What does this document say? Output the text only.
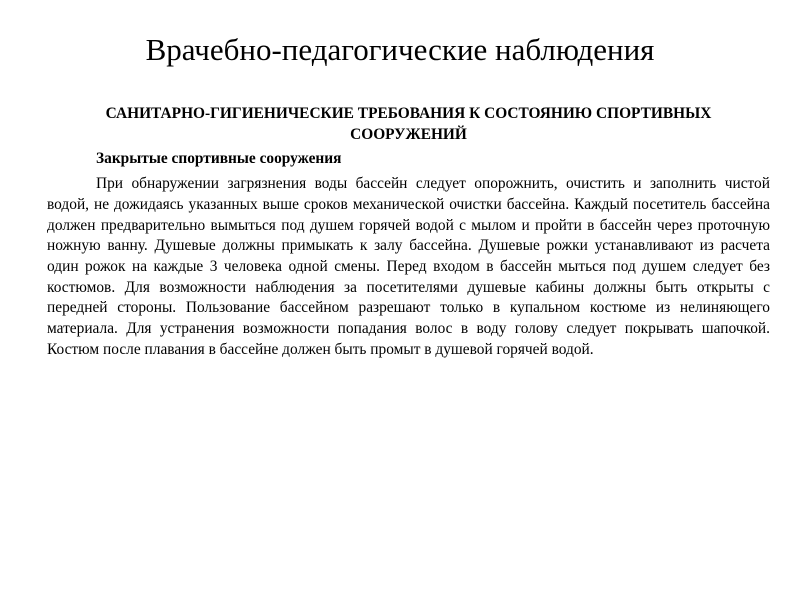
Врачебно-педагогические наблюдения

САНИТАРНО-ГИГИЕНИЧЕСКИЕ ТРЕБОВАНИЯ К СОСТОЯНИЮ СПОРТИВНЫХ СООРУЖЕНИЙ

Закрытые спортивные сооружения

При обнаружении загрязнения воды бассейн следует опорожнить, очистить и заполнить чистой водой, не дожидаясь указанных выше сроков механической очистки бассейна. Каждый посетитель бассейна должен предварительно вымыться под душем горячей водой с мылом и пройти в бассейн через проточную ножную ванну. Душевые должны примыкать к залу бассейна. Душевые рожки устанавливают из расчета один рожок на каждые 3 человека одной смены. Перед входом в бассейн мыться под душем следует без костюмов. Для возможности наблюдения за посетителями душевые кабины должны быть открыты с передней стороны. Пользование бассейном разрешают только в купальном костюме из нелиняющего материала. Для устранения возможности попадания волос в воду голову следует покрывать шапочкой. Костюм после плавания в бассейне должен быть промыт в душевой горячей водой.
